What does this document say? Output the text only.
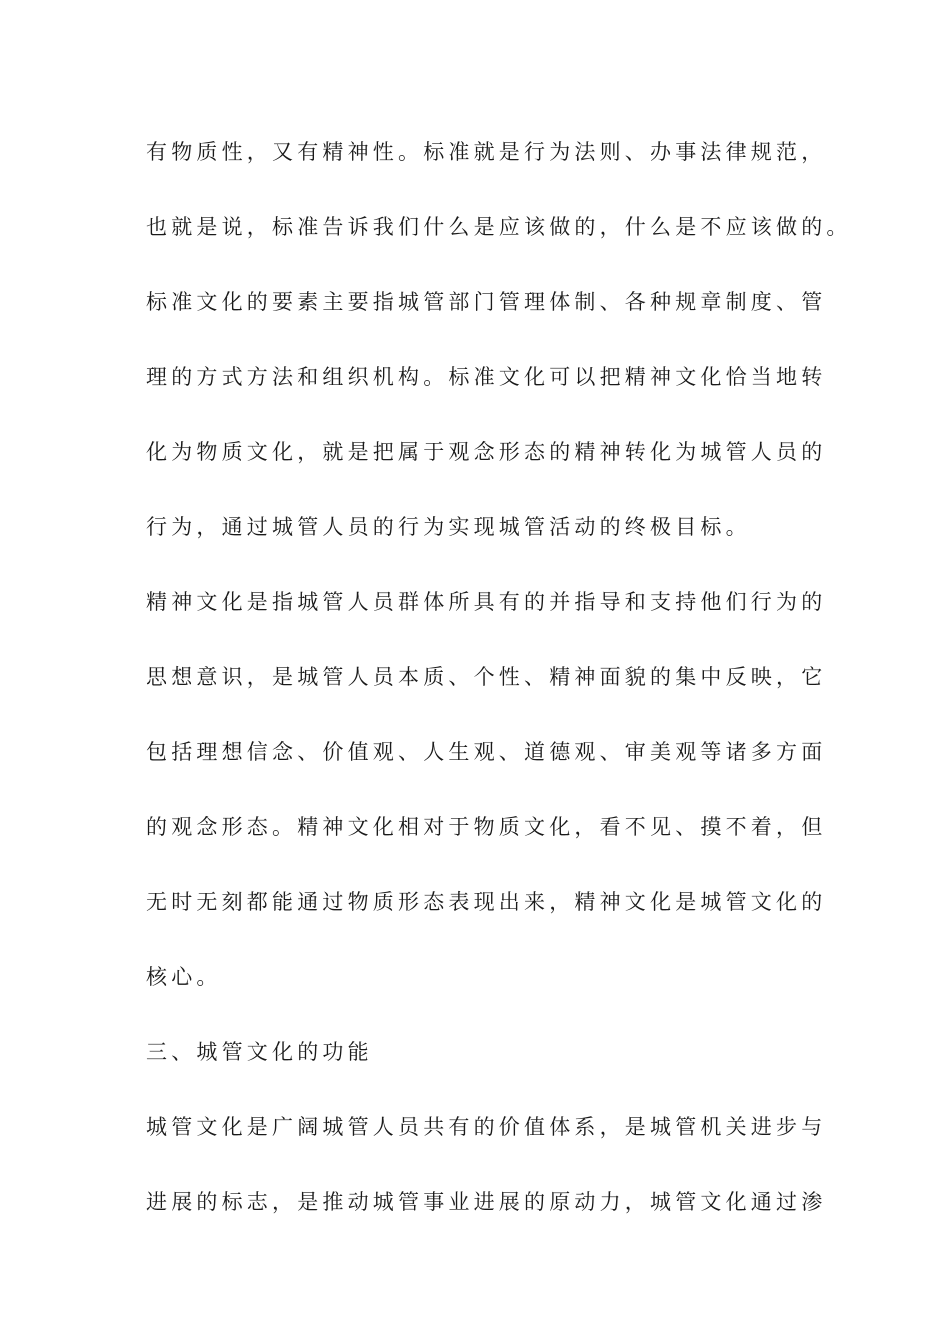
有物质性，又有精神性。标准就是行为法则、办事法律规范，
也就是说，标准告诉我们什么是应该做的，什么是不应该做的。
标准文化的要素主要指城管部门管理体制、各种规章制度、管
理的方式方法和组织机构。标准文化可以把精神文化恰当地转
化为物质文化，就是把属于观念形态的精神转化为城管人员的
行为，通过城管人员的行为实现城管活动的终极目标。
精神文化是指城管人员群体所具有的并指导和支持他们行为的
思想意识，是城管人员本质、个性、精神面貌的集中反映，它
包括理想信念、价值观、人生观、道德观、审美观等诸多方面
的观念形态。精神文化相对于物质文化，看不见、摸不着，但
无时无刻都能通过物质形态表现出来，精神文化是城管文化的
核心。
三、城管文化的功能
城管文化是广阔城管人员共有的价值体系，是城管机关进步与
进展的标志，是推动城管事业进展的原动力，城管文化通过渗
